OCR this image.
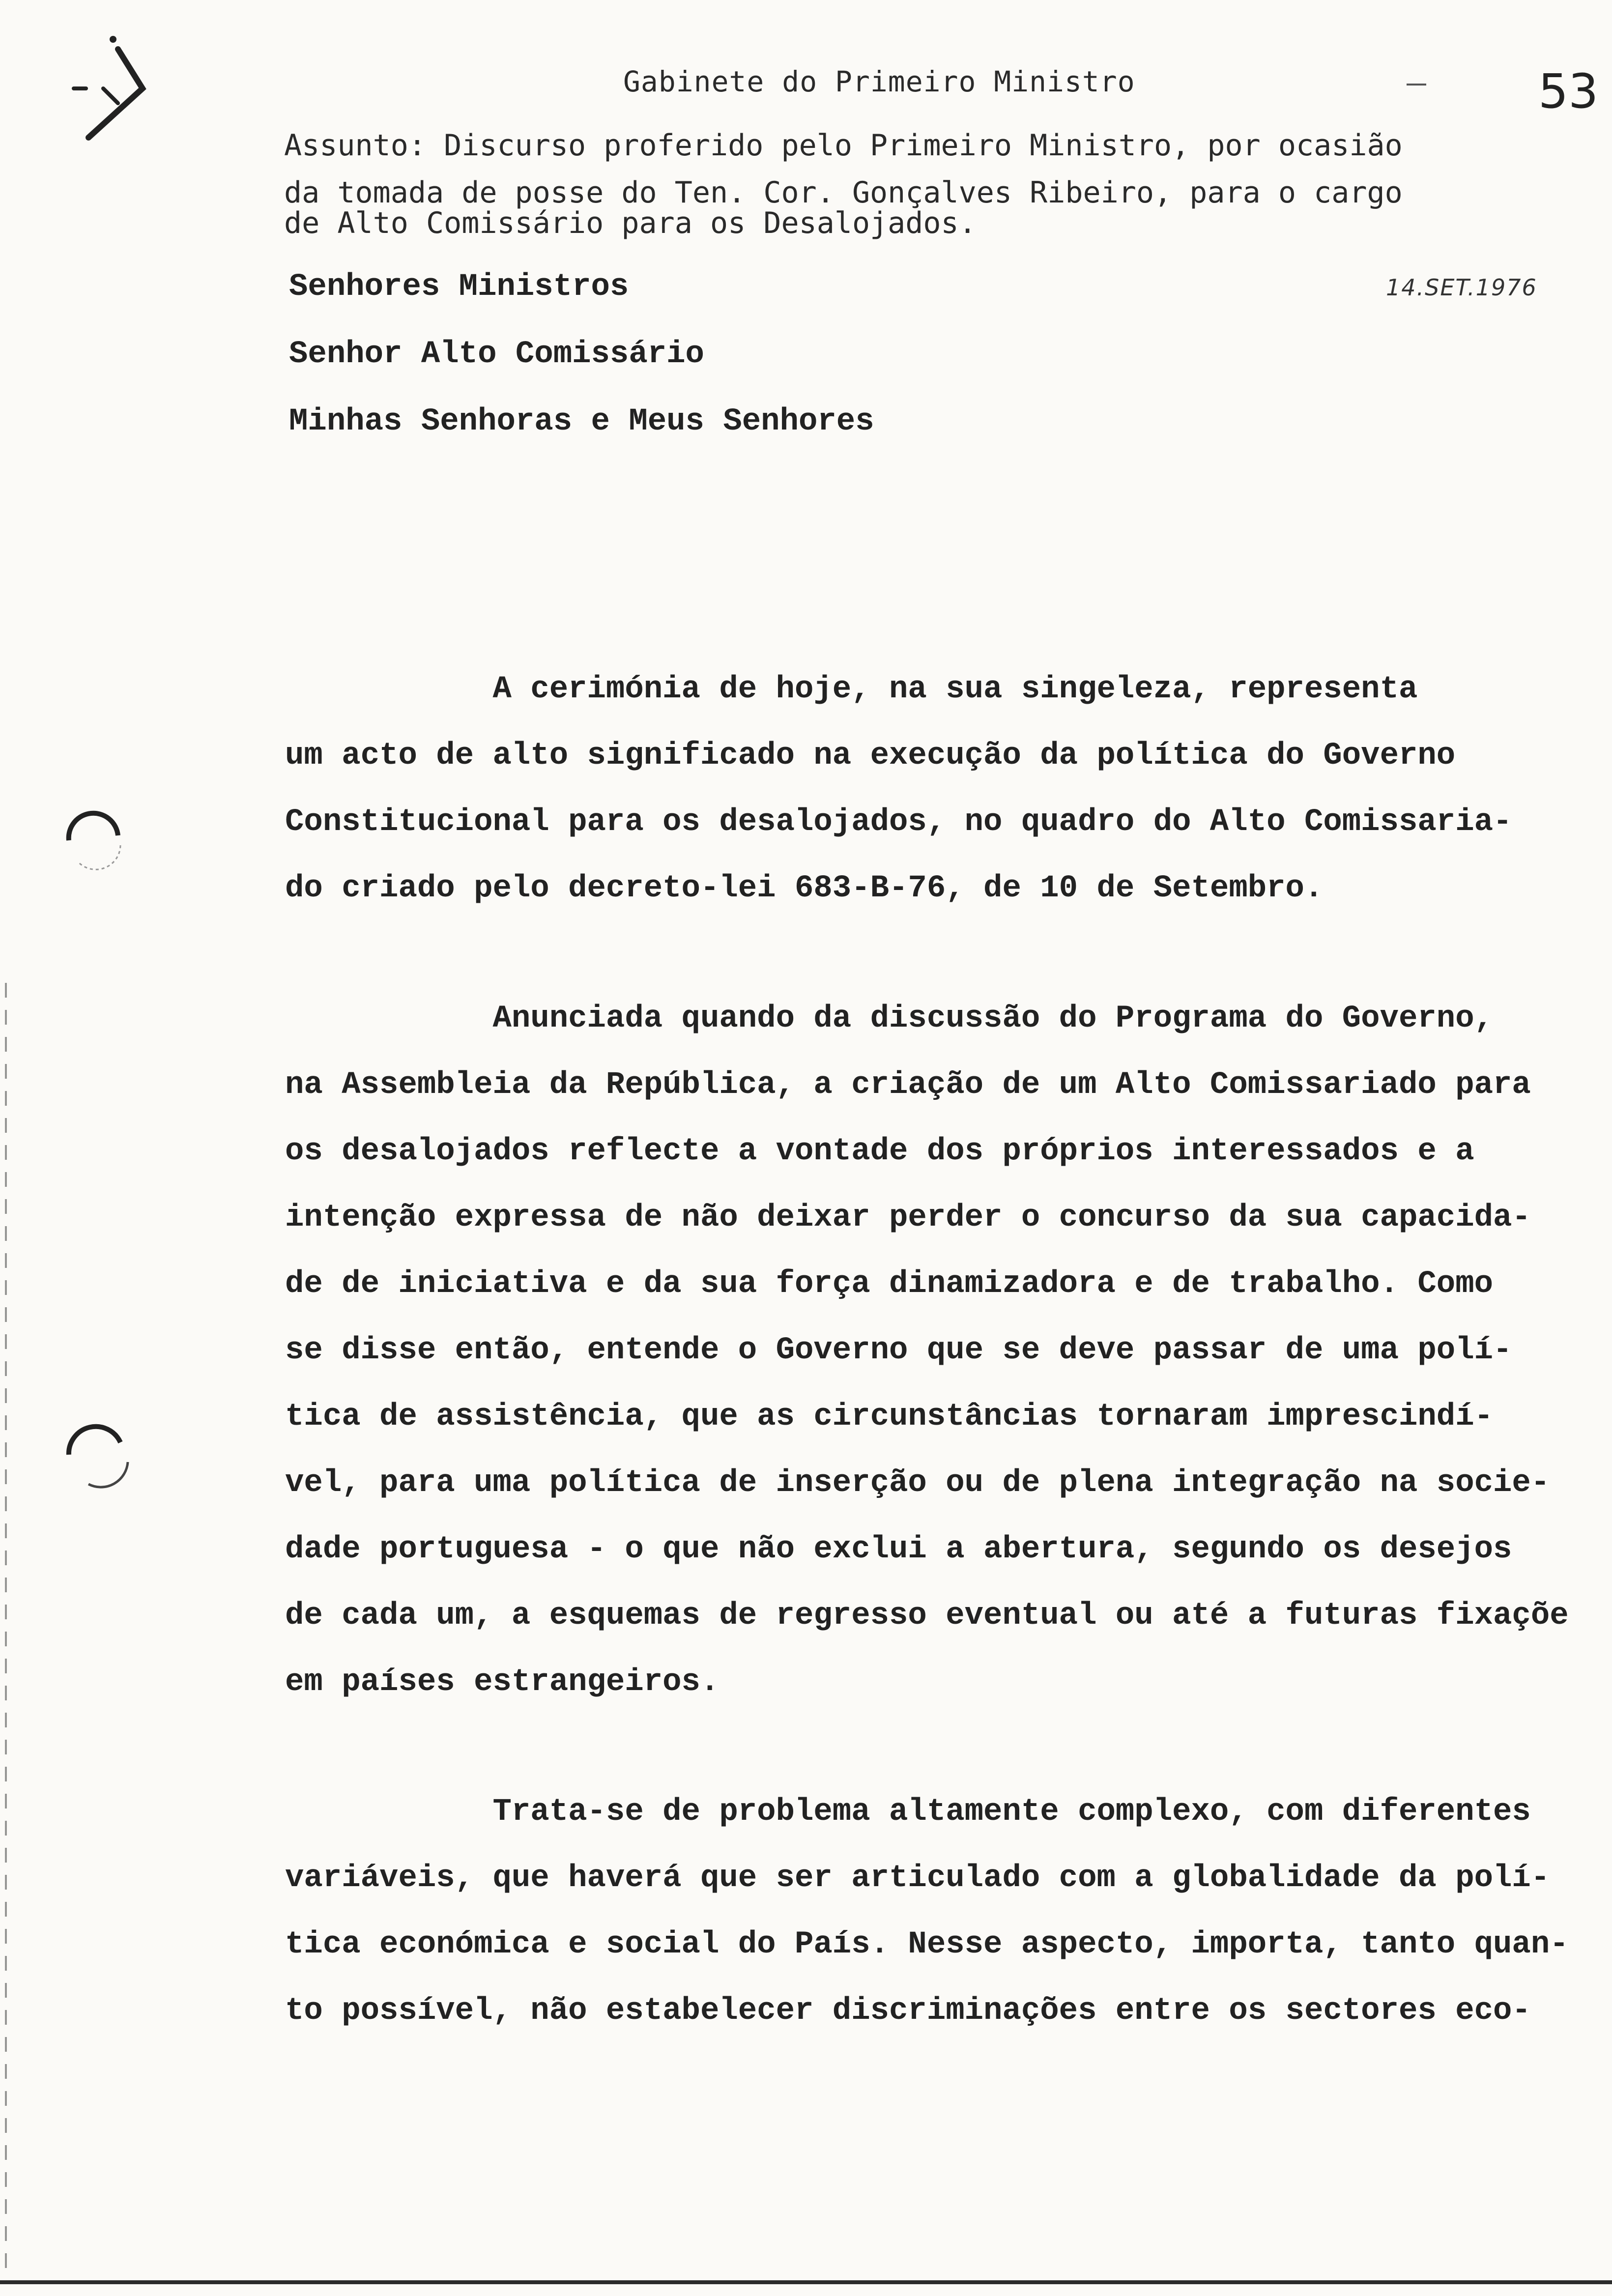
Gabinete do Primeiro Ministro	53
Assunto: Discurso proferido pelo Primeiro Ministro, por ocasião
da tomada de posse do Ten. Cor. Gonçalves Ribeiro, para o cargo
de Alto Comissário para os Desalojados.
Senhores Ministros	14.SET.1976
Senhor Alto Comissário
Minhas Senhoras e Meus Senhores
A cerimónia de hoje, na sua singeleza, representa
um acto de alto significado na execução da política do Governo
Constitucional para os desalojados, no quadro do Alto Comissaria-
do criado pelo decreto-lei 683-B-76, de 10 de Setembro.
Anunciada quando da discussão do Programa do Governo,
na Assembleia da República, a criação de um Alto Comissariado para
os desalojados reflecte a vontade dos próprios interessados e a
intenção expressa de não deixar perder o concurso da sua capacida-
de de iniciativa e da sua força dinamizadora e de trabalho. Como
se disse então, entende o Governo que se deve passar de uma polí-
tica de assistência, que as circunstâncias tornaram imprescindí-
vel, para uma política de inserção ou de plena integração na socie-
dade portuguesa - o que não exclui a abertura, segundo os desejos
de cada um, a esquemas de regresso eventual ou até a futuras fixaçõe
em países estrangeiros.
Trata-se de problema altamente complexo, com diferentes
variáveis, que haverá que ser articulado com a globalidade da polí-
tica económica e social do País. Nesse aspecto, importa, tanto quan-
to possível, não estabelecer discriminações entre os sectores eco-
